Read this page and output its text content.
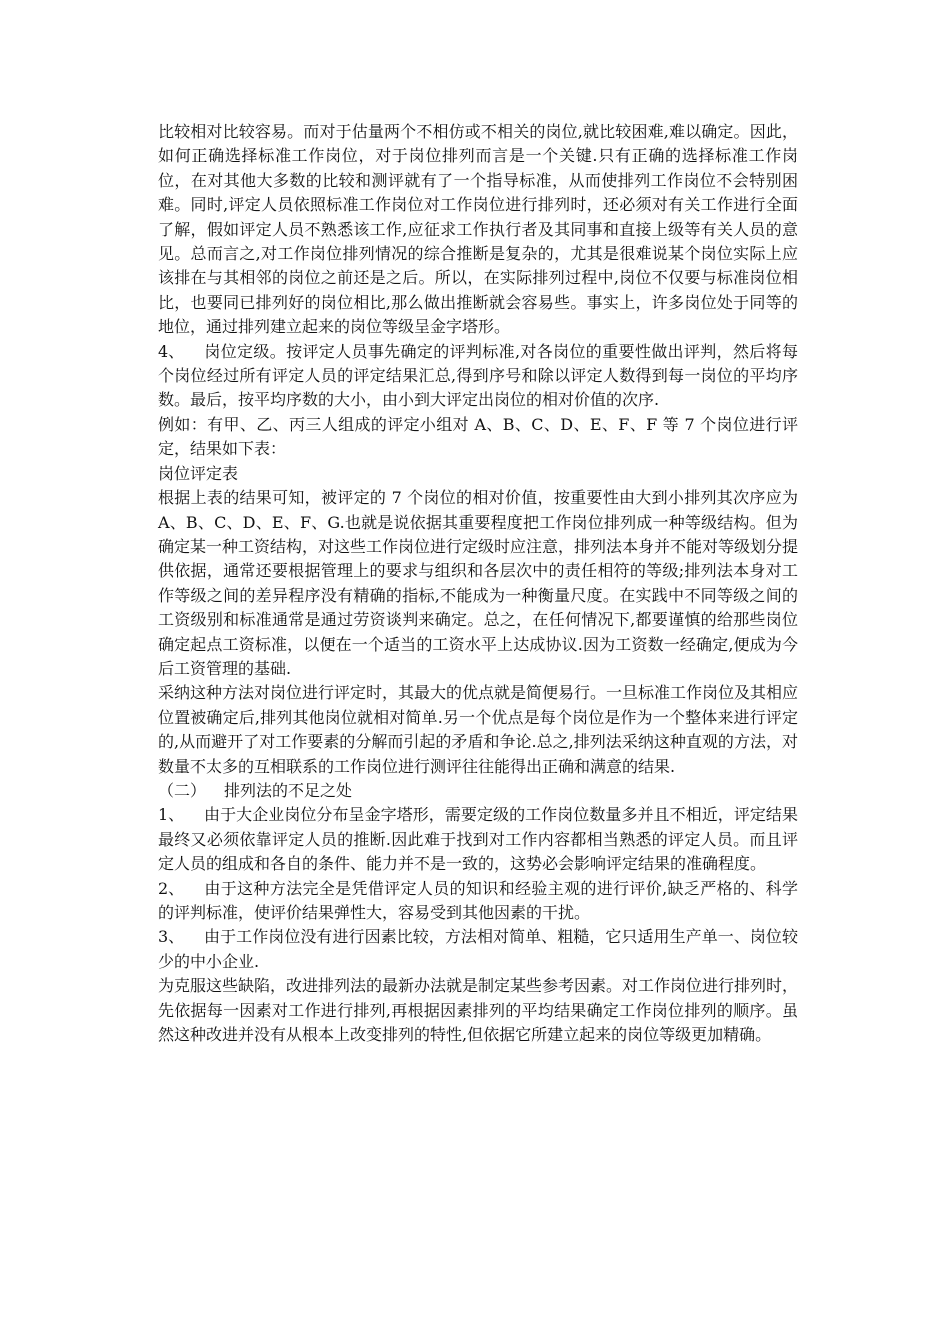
比较相对比较容易。而对于估量两个不相仿或不相关的岗位,就比较困难,难以确定。因此，如何正确选择标准工作岗位，对于岗位排列而言是一个关键.只有正确的选择标准工作岗位，在对其他大多数的比较和测评就有了一个指导标准，从而使排列工作岗位不会特别困难。同时,评定人员依照标准工作岗位对工作岗位进行排列时，还必须对有关工作进行全面了解，假如评定人员不熟悉该工作,应征求工作执行者及其同事和直接上级等有关人员的意见。总而言之,对工作岗位排列情况的综合推断是复杂的，尤其是很难说某个岗位实际上应该排在与其相邻的岗位之前还是之后。所以，在实际排列过程中,岗位不仅要与标准岗位相比，也要同已排列好的岗位相比,那么做出推断就会容易些。事实上，许多岗位处于同等的地位，通过排列建立起来的岗位等级呈金字塔形。

4、 岗位定级。按评定人员事先确定的评判标准,对各岗位的重要性做出评判，然后将每个岗位经过所有评定人员的评定结果汇总,得到序号和除以评定人数得到每一岗位的平均序数。最后，按平均序数的大小，由小到大评定出岗位的相对价值的次序.

例如：有甲、乙、丙三人组成的评定小组对 A、B、C、D、E、F、F 等 7 个岗位进行评定，结果如下表：

岗位评定表

根据上表的结果可知，被评定的 7 个岗位的相对价值，按重要性由大到小排列其次序应为 A、B、C、D、E、F、G.也就是说依据其重要程度把工作岗位排列成一种等级结构。但为确定某一种工资结构，对这些工作岗位进行定级时应注意，排列法本身并不能对等级划分提供依据，通常还要根据管理上的要求与组织和各层次中的责任相符的等级;排列法本身对工作等级之间的差异程序没有精确的指标,不能成为一种衡量尺度。在实践中不同等级之间的工资级别和标准通常是通过劳资谈判来确定。总之，在任何情况下,都要谨慎的给那些岗位确定起点工资标准，以便在一个适当的工资水平上达成协议.因为工资数一经确定,便成为今后工资管理的基础.

采纳这种方法对岗位进行评定时，其最大的优点就是简便易行。一旦标准工作岗位及其相应位置被确定后,排列其他岗位就相对简单.另一个优点是每个岗位是作为一个整体来进行评定的,从而避开了对工作要素的分解而引起的矛盾和争论.总之,排列法采纳这种直观的方法，对数量不太多的互相联系的工作岗位进行测评往往能得出正确和满意的结果.

（二） 排列法的不足之处

1、 由于大企业岗位分布呈金字塔形，需要定级的工作岗位数量多并且不相近，评定结果最终又必须依靠评定人员的推断.因此难于找到对工作内容都相当熟悉的评定人员。而且评定人员的组成和各自的条件、能力并不是一致的，这势必会影响评定结果的准确程度。

2、 由于这种方法完全是凭借评定人员的知识和经验主观的进行评价,缺乏严格的、科学的评判标准，使评价结果弹性大，容易受到其他因素的干扰。

3、 由于工作岗位没有进行因素比较，方法相对简单、粗糙，它只适用生产单一、岗位较少的中小企业.

为克服这些缺陷，改进排列法的最新办法就是制定某些参考因素。对工作岗位进行排列时，先依据每一因素对工作进行排列,再根据因素排列的平均结果确定工作岗位排列的顺序。虽然这种改进并没有从根本上改变排列的特性,但依据它所建立起来的岗位等级更加精确。
